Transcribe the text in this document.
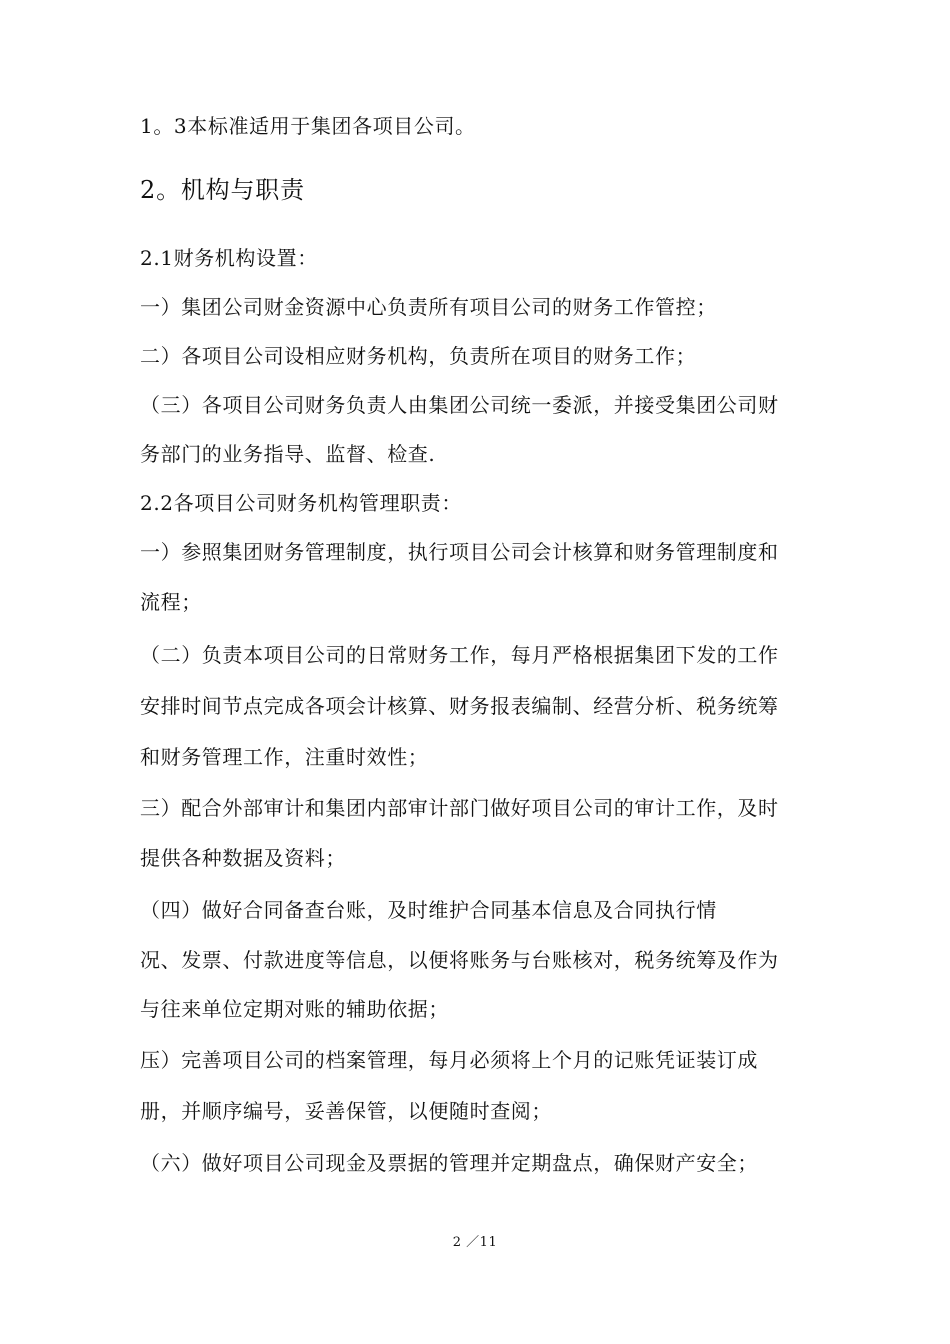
1。3本标准适用于集团各项目公司。
2。机构与职责
2.1财务机构设置：
一）集团公司财金资源中心负责所有项目公司的财务工作管控；
二）各项目公司设相应财务机构，负责所在项目的财务工作；
（三）各项目公司财务负责人由集团公司统一委派，并接受集团公司财
务部门的业务指导、监督、检查.
2.2各项目公司财务机构管理职责：
一）参照集团财务管理制度，执行项目公司会计核算和财务管理制度和
流程；
（二）负责本项目公司的日常财务工作，每月严格根据集团下发的工作
安排时间节点完成各项会计核算、财务报表编制、经营分析、税务统筹
和财务管理工作，注重时效性；
三）配合外部审计和集团内部审计部门做好项目公司的审计工作，及时
提供各种数据及资料；
（四）做好合同备查台账，及时维护合同基本信息及合同执行情
况、发票、付款进度等信息，以便将账务与台账核对，税务统筹及作为
与往来单位定期对账的辅助依据；
压）完善项目公司的档案管理，每月必须将上个月的记账凭证装订成
册，并顺序编号，妥善保管，以便随时查阅；
（六）做好项目公司现金及票据的管理并定期盘点，确保财产安全；
2 ／11
